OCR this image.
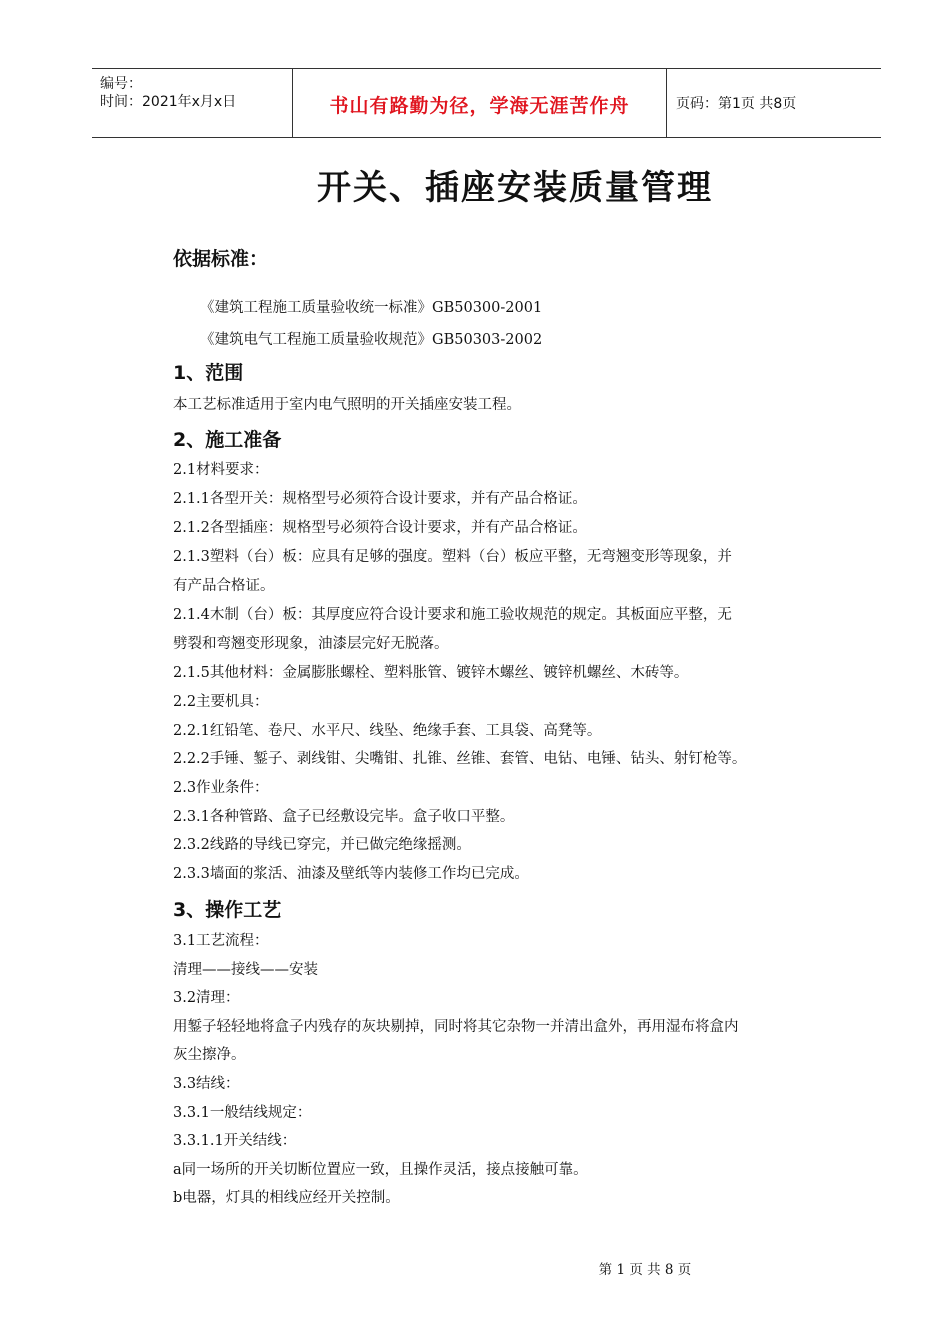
编号：
时间：2021年x月x日	书山有路勤为径，学海无涯苦作舟	页码：第1页 共8页
开关、插座安装质量管理
依据标准：
《建筑工程施工质量验收统一标准》GB50300-2001
《建筑电气工程施工质量验收规范》GB50303-2002
1、范围
本工艺标准适用于室内电气照明的开关插座安装工程。
2、施工准备
2.1材料要求：
2.1.1各型开关：规格型号必须符合设计要求，并有产品合格证。
2.1.2各型插座：规格型号必须符合设计要求，并有产品合格证。
2.1.3塑料（台）板：应具有足够的强度。塑料（台）板应平整，无弯翘变形等现象，并
有产品合格证。
2.1.4木制（台）板：其厚度应符合设计要求和施工验收规范的规定。其板面应平整，无
劈裂和弯翘变形现象，油漆层完好无脱落。
2.1.5其他材料：金属膨胀螺栓、塑料胀管、镀锌木螺丝、镀锌机螺丝、木砖等。
2.2主要机具：
2.2.1红铅笔、卷尺、水平尺、线坠、绝缘手套、工具袋、高凳等。
2.2.2手锤、錾子、剥线钳、尖嘴钳、扎锥、丝锥、套管、电钻、电锤、钻头、射钉枪等。
2.3作业条件：
2.3.1各种管路、盒子已经敷设完毕。盒子收口平整。
2.3.2线路的导线已穿完，并已做完绝缘摇测。
2.3.3墙面的浆活、油漆及壁纸等内装修工作均已完成。
3、操作工艺
3.1工艺流程：
清理——接线——安装
3.2清理：
用錾子轻轻地将盒子内残存的灰块剔掉，同时将其它杂物一并清出盒外，再用湿布将盒内
灰尘擦净。
3.3结线：
3.3.1一般结线规定：
3.3.1.1开关结线：
a同一场所的开关切断位置应一致，且操作灵活，接点接触可靠。
b电器，灯具的相线应经开关控制。
第 1 页 共 8 页
